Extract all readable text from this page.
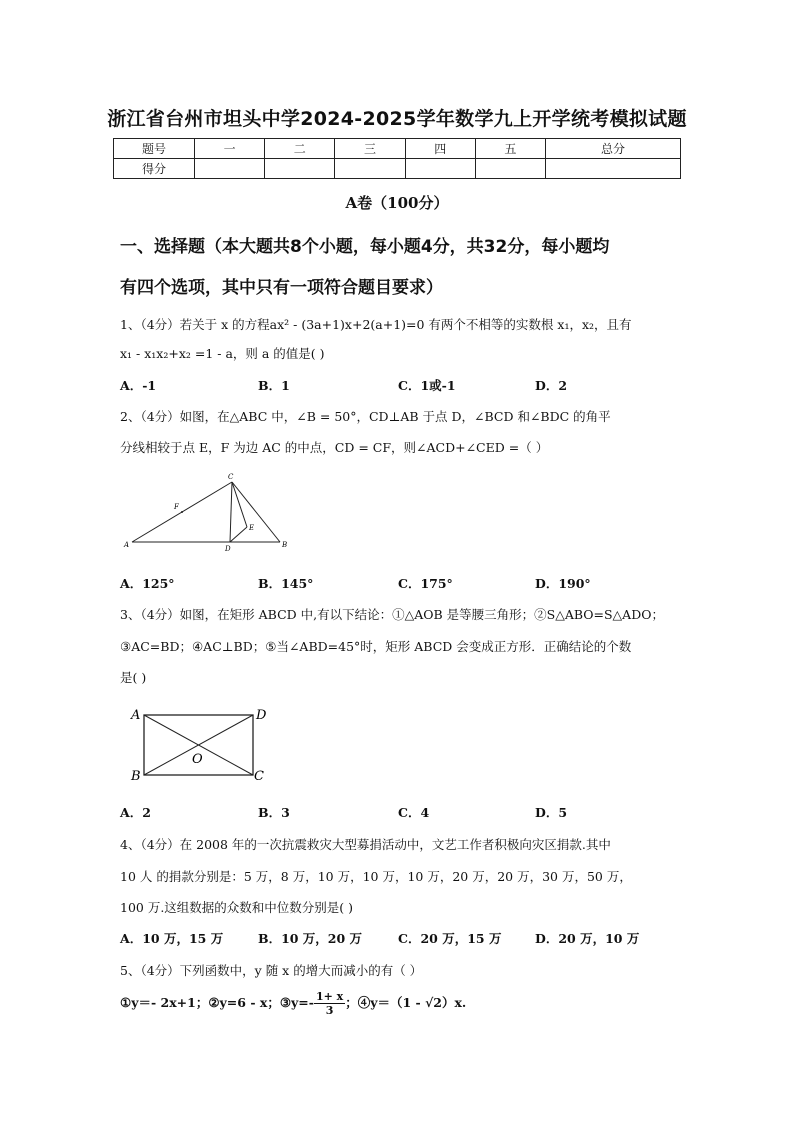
浙江省台州市坦头中学2024-2025学年数学九上开学统考模拟试题
题号	一	二	三	四	五	总分
得分						
A卷（100分）
一、选择题（本大题共8个小题，每小题4分，共32分，每小题均
有四个选项，其中只有一项符合题目要求）
1、（4分）若关于 x 的方程ax² - (3a+1)x+2(a+1)=0 有两个不相等的实数根 x₁，x₂，且有
x₁ - x₁x₂+x₂ =1 - a，则 a 的值是( )
A．-1	B．1	C．1或-1	D．2
2、（4分）如图，在△ABC 中，∠B = 50°，CD⊥AB 于点 D，∠BCD 和∠BDC 的角平
分线相较于点 E，F 为边 AC 的中点，CD = CF，则∠ACD+∠CED =（ ）
A	B
C
D
E
F
A．125°	B．145°	C．175°	D．190°
3、（4分）如图，在矩形 ABCD 中,有以下结论：①△AOB 是等腰三角形；②S△ABO=S△ADO；
③AC=BD；④AC⊥BD；⑤当∠ABD=45°时，矩形 ABCD 会变成正方形．正确结论的个数
是( )
A
B	C
D
O
A．2	B．3	C．4	D．5
4、（4分）在 2008 年的一次抗震救灾大型募捐活动中，文艺工作者积极向灾区捐款.其中
10 人 的捐款分别是：5 万，8 万，10 万，10 万，10 万，20 万，20 万，30 万，50 万，
100 万.这组数据的众数和中位数分别是( )
A．10 万，15 万	B．10 万，20 万	C．20 万，15 万	D．20 万，10 万
5、（4分）下列函数中，y 随 x 的增大而减小的有（ ）
①y＝- 2x+1；②y=6 - x；③y=- $\frac{1+ x}{3}$ ；④y＝（1 - √2）x.
